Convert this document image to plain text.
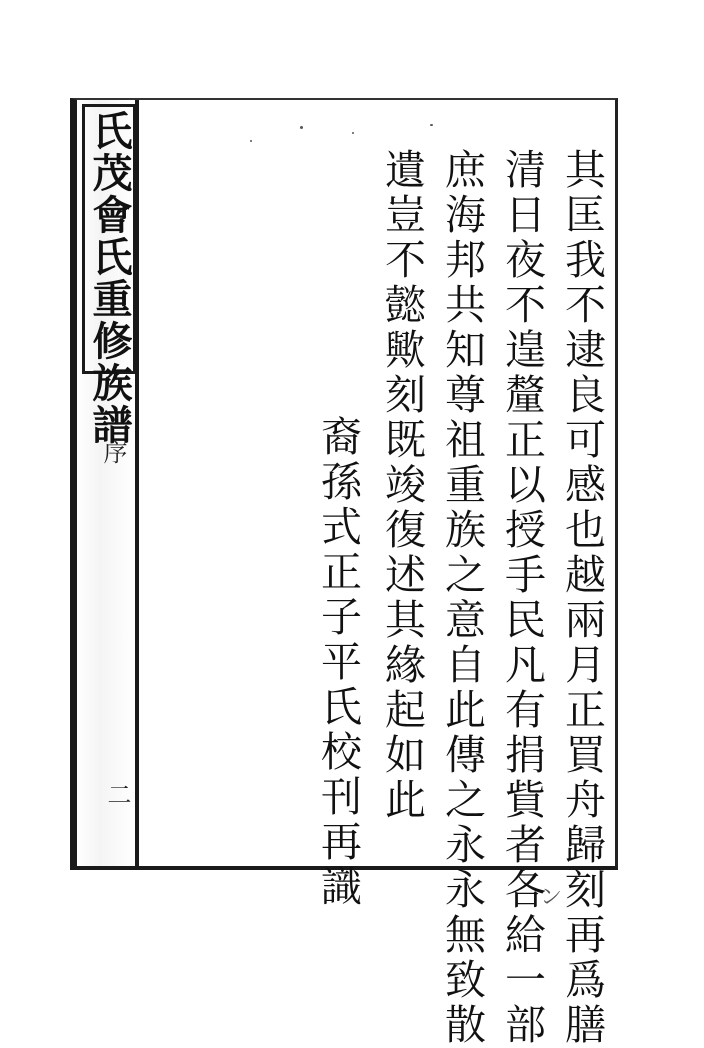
氏茂會氏重修族譜
序
二	其匡我不逮良可感也越兩月正買舟歸刻再爲膳
清日夜不遑釐正以授手民凡有捐貲者各給一部
庶海邦共知尊祖重族之意自此傳之永永無致散
遺豈不懿歟刻既竣復述其緣起如此
裔孫式正子平氏校刊再識	ン
